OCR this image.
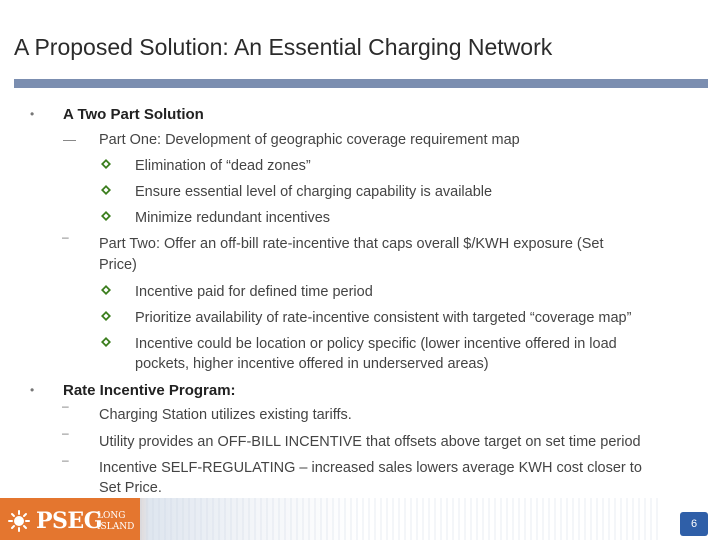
A Proposed Solution: An Essential Charging Network
• A Two Part Solution
— Part One: Development of geographic coverage requirement map
Elimination of “dead zones”
Ensure essential level of charging capability is available
Minimize redundant incentives
– Part Two: Offer an off-bill rate-incentive that caps overall $/KWH exposure (Set
Price)
Incentive paid for defined time period
Prioritize availability of rate-incentive consistent with targeted “coverage map”
Incentive could be location or policy specific (lower incentive offered in load
pockets, higher incentive offered in underserved areas)
• Rate Incentive Program:
–
Charging Station utilizes existing tariffs.
–
Utility provides an OFF-BILL INCENTIVE that offsets above target on set time period
– Incentive SELF-REGULATING – increased sales lowers average KWH cost closer to
Set Price.
PSEG
LONG
ISLAND	6
